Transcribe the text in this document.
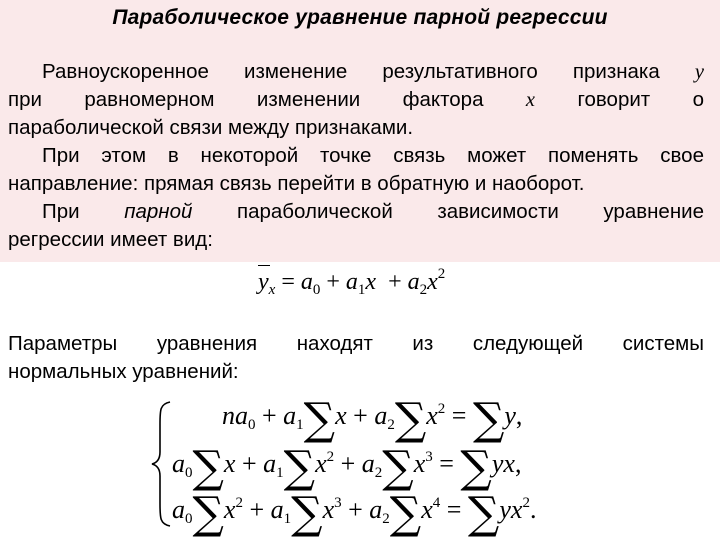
Параболическое уравнение парной регрессии
Равноускоренное изменение результативного признака y
при равномерном изменении фактора x говорит о
параболической связи между признаками.
При этом в некоторой точке связь может поменять свое
направление: прямая связь перейти в обратную и наоборот.
При парной параболической зависимости уравнение
регрессии имеет вид:
y
$_x = a_0 + a_1x + a_2x^2$
Параметры уравнения находят из следующей системы
нормальных уравнений:
$na_0 + a_1\sum x + a_2\sum x^2 = \sum y$,
$a_0\sum x + a_1\sum x^2 + a_2\sum x^3 = \sum yx$,
$a_0\sum x^2 + a_1\sum x^3 + a_2\sum x^4 = \sum yx^2$.
